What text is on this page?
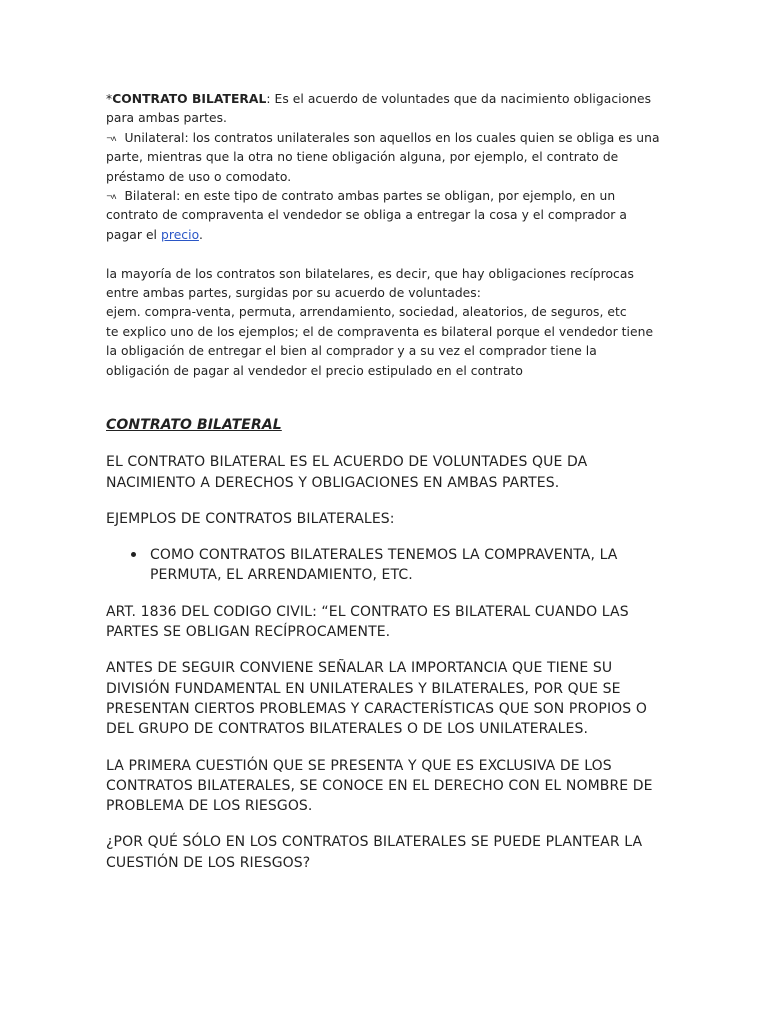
*CONTRATO BILATERAL: Es el acuerdo de voluntades que da nacimiento obligaciones para ambas partes.

¬ʌ Unilateral: los contratos unilaterales son aquellos en los cuales quien se obliga es una parte, mientras que la otra no tiene obligación alguna, por ejemplo, el contrato de préstamo de uso o comodato.

¬ʌ Bilateral: en este tipo de contrato ambas partes se obligan, por ejemplo, en un contrato de compraventa el vendedor se obliga a entregar la cosa y el comprador a pagar el precio.

la mayoría de los contratos son bilatelares, es decir, que hay obligaciones recíprocas entre ambas partes, surgidas por su acuerdo de voluntades:

ejem. compra-venta, permuta, arrendamiento, sociedad, aleatorios, de seguros, etc

te explico uno de los ejemplos; el de compraventa es bilateral porque el vendedor tiene la obligación de entregar el bien al comprador y a su vez el comprador tiene la obligación de pagar al vendedor el precio estipulado en el contrato

CONTRATO BILATERAL

EL CONTRATO BILATERAL ES EL ACUERDO DE VOLUNTADES QUE DA NACIMIENTO A DERECHOS Y OBLIGACIONES EN AMBAS PARTES.

EJEMPLOS DE CONTRATOS BILATERALES:

COMO CONTRATOS BILATERALES TENEMOS LA COMPRAVENTA, LA PERMUTA, EL ARRENDAMIENTO, ETC.

ART. 1836 DEL CODIGO CIVIL: “EL CONTRATO ES BILATERAL CUANDO LAS PARTES SE OBLIGAN RECÍPROCAMENTE.

ANTES DE SEGUIR CONVIENE SEÑALAR LA IMPORTANCIA QUE TIENE SU DIVISIÓN FUNDAMENTAL EN UNILATERALES Y BILATERALES, POR QUE SE PRESENTAN CIERTOS PROBLEMAS Y CARACTERÍSTICAS QUE SON PROPIOS O DEL GRUPO DE CONTRATOS BILATERALES O DE LOS UNILATERALES.

LA PRIMERA CUESTIÓN QUE SE PRESENTA Y QUE ES EXCLUSIVA DE LOS CONTRATOS BILATERALES, SE CONOCE EN EL DERECHO CON EL NOMBRE DE PROBLEMA DE LOS RIESGOS.

¿POR QUÉ SÓLO EN LOS CONTRATOS BILATERALES SE PUEDE PLANTEAR LA CUESTIÓN DE LOS RIESGOS?
